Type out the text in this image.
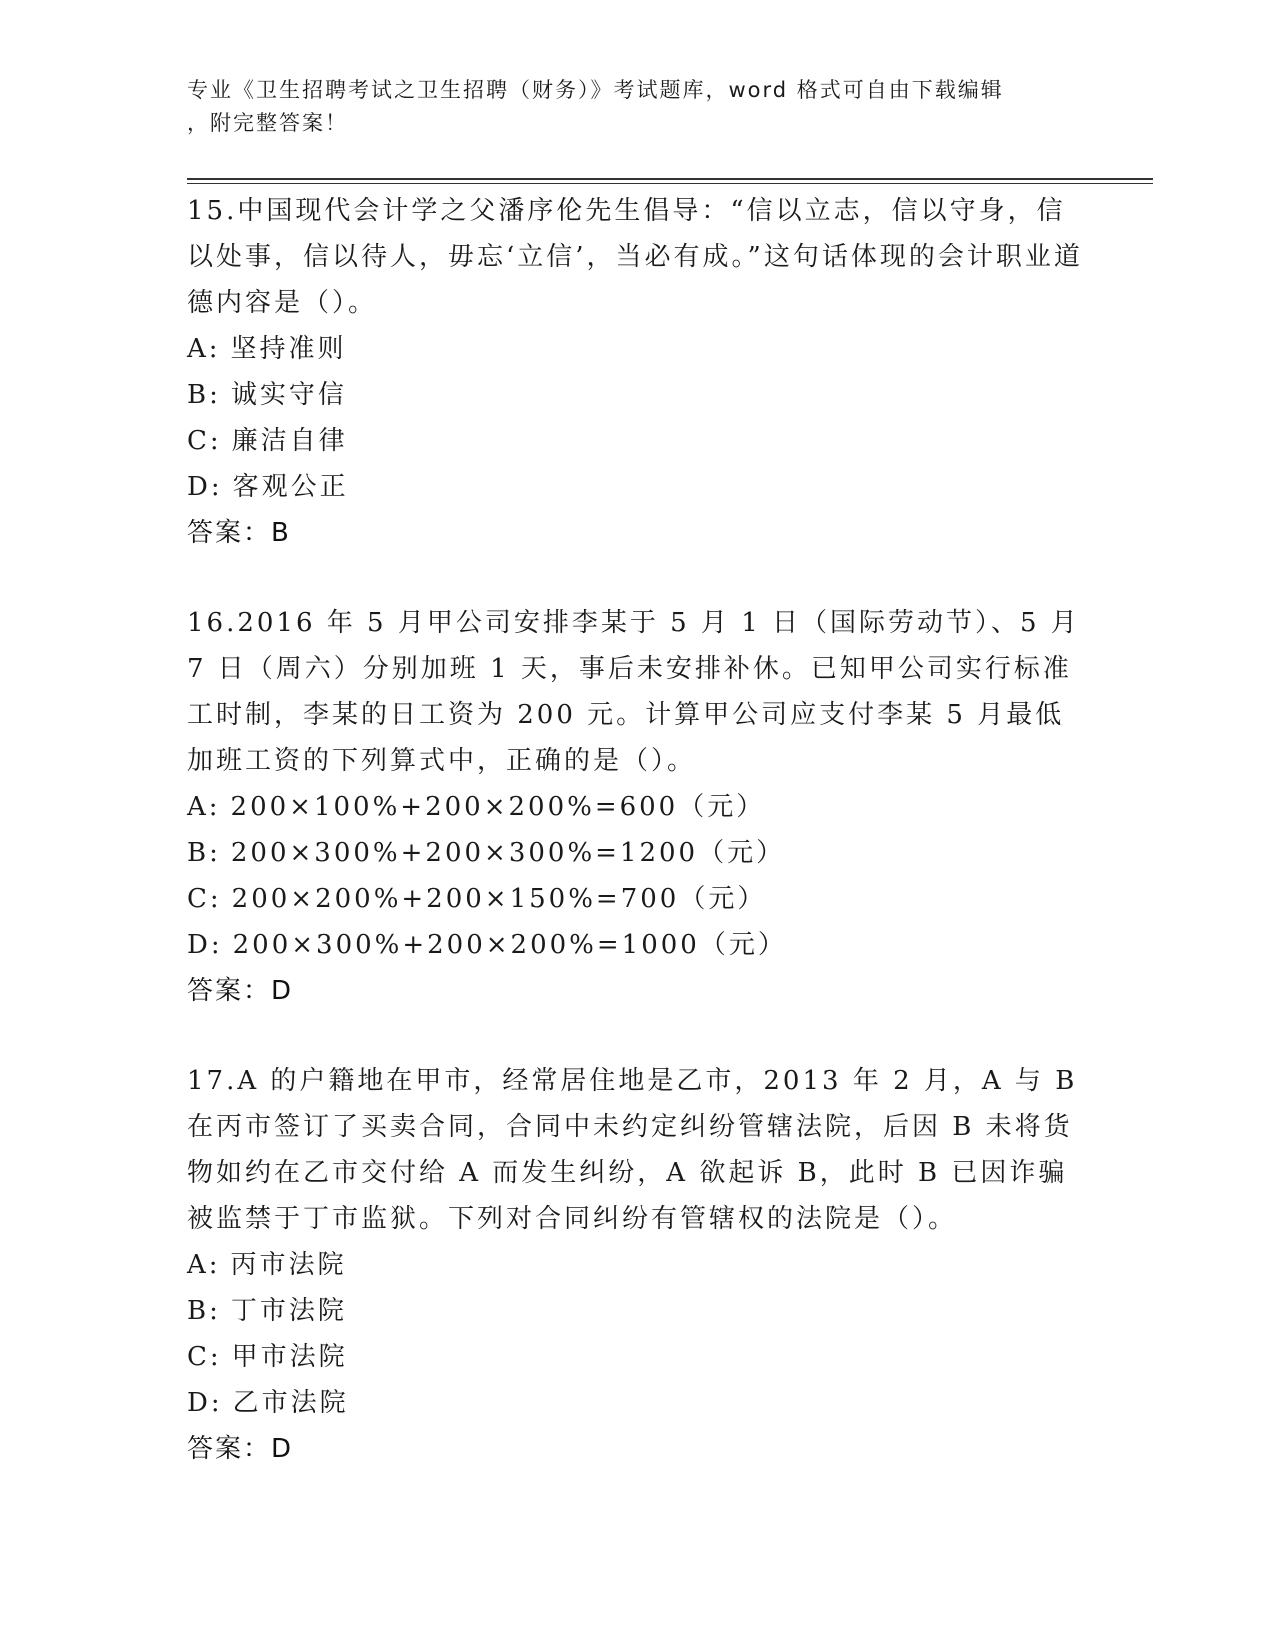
专业《卫生招聘考试之卫生招聘（财务）》考试题库，word 格式可自由下载编辑
，附完整答案！

15.中国现代会计学之父潘序伦先生倡导：“信以立志，信以守身，信以处事，信以待人，毋忘‘立信’，当必有成。”这句话体现的会计职业道德内容是（）。

A: 坚持准则

B: 诚实守信

C: 廉洁自律

D: 客观公正

答案：B

16.2016 年 5 月甲公司安排李某于 5 月 1 日（国际劳动节）、5 月 7 日（周六）分别加班 1 天，事后未安排补休。已知甲公司实行标准工时制，李某的日工资为 200 元。计算甲公司应支付李某 5 月最低加班工资的下列算式中，正确的是（）。

A: 200×100%+200×200%=600（元）

B: 200×300%+200×300%=1200（元）

C: 200×200%+200×150%=700（元）

D: 200×300%+200×200%=1000（元）

答案：D

17.A 的户籍地在甲市，经常居住地是乙市，2013 年 2 月，A 与 B 在丙市签订了买卖合同，合同中未约定纠纷管辖法院，后因 B 未将货物如约在乙市交付给 A 而发生纠纷，A 欲起诉 B，此时 B 已因诈骗被监禁于丁市监狱。下列对合同纠纷有管辖权的法院是（）。

A: 丙市法院

B: 丁市法院

C: 甲市法院

D: 乙市法院

答案：D
